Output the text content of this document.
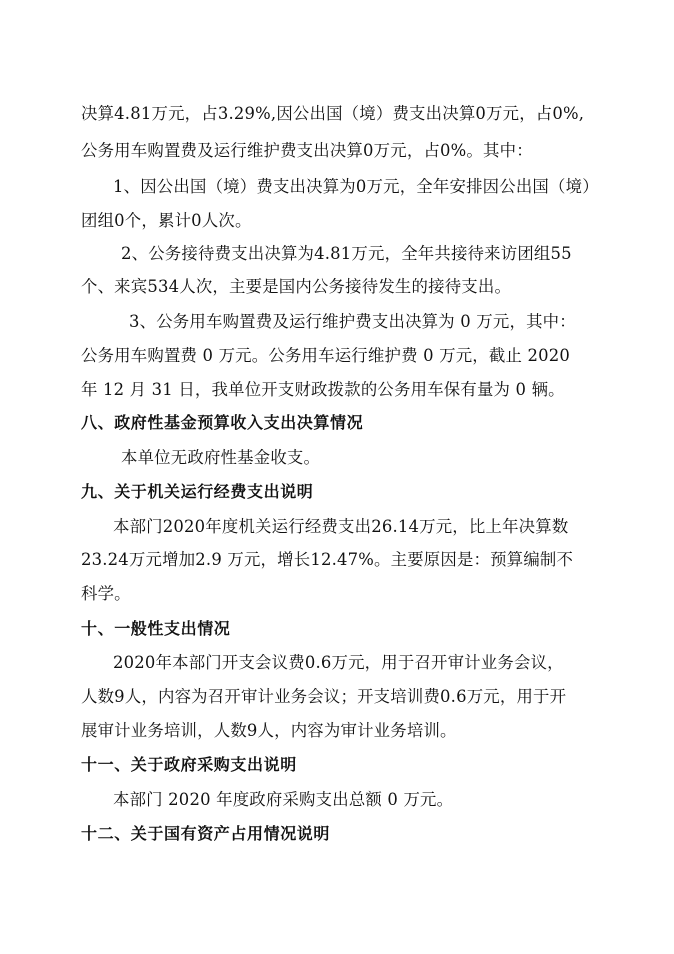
决算4.81万元，占3.29%,因公出国（境）费支出决算0万元，占0%,
公务用车购置费及运行维护费支出决算0万元，占0%。其中：
1、因公出国（境）费支出决算为0万元，全年安排因公出国（境）
团组0个，累计0人次。
2、公务接待费支出决算为4.81万元，全年共接待来访团组55
个、来宾534人次，主要是国内公务接待发生的接待支出。
3、公务用车购置费及运行维护费支出决算为 0 万元，其中：
公务用车购置费 0 万元。公务用车运行维护费 0 万元，截止 2020
年 12 月 31 日，我单位开支财政拨款的公务用车保有量为 0 辆。
八、政府性基金预算收入支出决算情况
本单位无政府性基金收支。
九、关于机关运行经费支出说明
本部门2020年度机关运行经费支出26.14万元，比上年决算数
23.24万元增加2.9 万元，增长12.47%。主要原因是：预算编制不
科学。
十、一般性支出情况
2020年本部门开支会议费0.6万元，用于召开审计业务会议，
人数9人，内容为召开审计业务会议；开支培训费0.6万元，用于开
展审计业务培训，人数9人，内容为审计业务培训。
十一、关于政府采购支出说明
本部门 2020 年度政府采购支出总额 0 万元。
十二、关于国有资产占用情况说明
